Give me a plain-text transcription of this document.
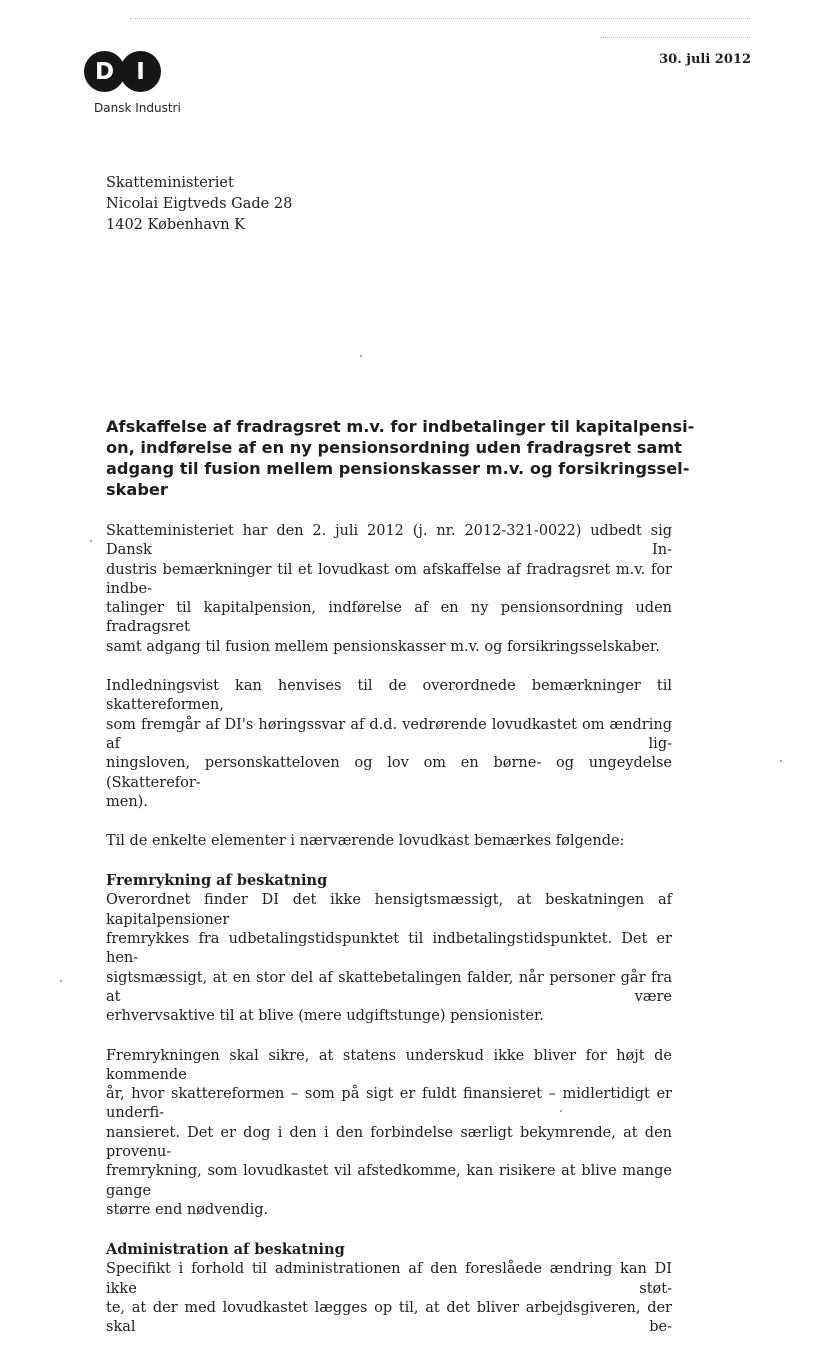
D I
Dansk Industri
30. juli 2012
Skatteministeriet
Nicolai Eigtveds Gade 28
1402 København K
Afskaffelse af fradragsret m.v. for indbetalinger til kapitalpensi-
on, indførelse af en ny pensionsordning uden fradragsret samt
adgang til fusion mellem pensionskasser m.v. og forsikringssel-
skaber
Skatteministeriet har den 2. juli 2012 (j. nr. 2012-321-0022) udbedt sig Dansk In-
dustris bemærkninger til et lovudkast om afskaffelse af fradragsret m.v. for indbe-
talinger til kapitalpension, indførelse af en ny pensionsordning uden fradragsret
samt adgang til fusion mellem pensionskasser m.v. og forsikringsselskaber.
Indledningsvist kan henvises til de overordnede bemærkninger til skattereformen,
som fremgår af DI's høringssvar af d.d. vedrørende lovudkastet om ændring af lig-
ningsloven, personskatteloven og lov om en børne- og ungeydelse (Skatterefor-
men).
Til de enkelte elementer i nærværende lovudkast bemærkes følgende:
Fremrykning af beskatning
Overordnet finder DI det ikke hensigtsmæssigt, at beskatningen af kapitalpensioner
fremrykkes fra udbetalingstidspunktet til indbetalingstidspunktet. Det er hen-
sigtsmæssigt, at en stor del af skattebetalingen falder, når personer går fra at være
erhvervsaktive til at blive (mere udgiftstunge) pensionister.
Fremrykningen skal sikre, at statens underskud ikke bliver for højt de kommende
år, hvor skattereformen – som på sigt er fuldt finansieret – midlertidigt er underfi-
nansieret. Det er dog i den i den forbindelse særligt bekymrende, at den provenu-
fremrykning, som lovudkastet vil afstedkomme, kan risikere at blive mange gange
større end nødvendig.
Administration af beskatning
Specifikt i forhold til administrationen af den foreslåede ændring kan DI ikke støt-
te, at der med lovudkastet lægges op til, at det bliver arbejdsgiveren, der skal be-
